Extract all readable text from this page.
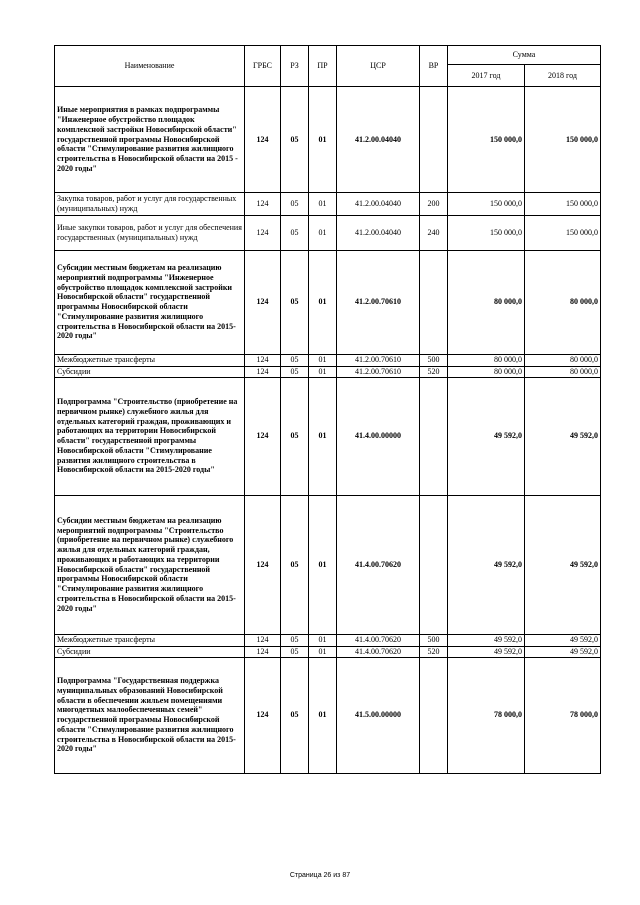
Наименование	ГРБС	РЗ	ПР	ЦСР	ВР	Сумма	
						2017 год	2018 год
Иные мероприятия в рамках подпрограммы "Инженерное обустройство площадок комплексной застройки Новосибирской области" государственной программы Новосибирской области "Стимулирование развития жилищного строительства в Новосибирской области на 2015 - 2020 годы"	124	05	01	41.2.00.04040		150 000,0	150 000,0
Закупка товаров, работ и услуг для государственных (муниципальных) нужд	124	05	01	41.2.00.04040	200	150 000,0	150 000,0
Иные закупки товаров, работ и услуг для обеспечения государственных (муниципальных) нужд	124	05	01	41.2.00.04040	240	150 000,0	150 000,0
Субсидии местным бюджетам на реализацию мероприятий подпрограммы "Инженерное обустройство площадок комплексной застройки Новосибирской области" государственной программы Новосибирской области "Стимулирование развития жилищного строительства в Новосибирской области на 2015-2020 годы"	124	05	01	41.2.00.70610		80 000,0	80 000,0
Межбюджетные трансферты	124	05	01	41.2.00.70610	500	80 000,0	80 000,0
Субсидии	124	05	01	41.2.00.70610	520	80 000,0	80 000,0
Подпрограмма "Строительство (приобретение на первичном рынке) служебного жилья для отдельных категорий граждан, проживающих и работающих на территории Новосибирской области" государственной программы Новосибирской области "Стимулирование развития жилищного строительства в Новосибирской области на 2015-2020 годы"	124	05	01	41.4.00.00000		49 592,0	49 592,0
Субсидии местным бюджетам на реализацию мероприятий подпрограммы "Строительство (приобретение на первичном рынке) служебного жилья для отдельных категорий граждан, проживающих и работающих на территории Новосибирской области" государственной программы Новосибирской области "Стимулирование развития жилищного строительства в Новосибирской области на 2015-2020 годы"	124	05	01	41.4.00.70620		49 592,0	49 592,0
Межбюджетные трансферты	124	05	01	41.4.00.70620	500	49 592,0	49 592,0
Субсидии	124	05	01	41.4.00.70620	520	49 592,0	49 592,0
Подпрограмма "Государственная поддержка муниципальных образований Новосибирской области в обеспечении жильем помещениями многодетных малообеспеченных семей" государственной программы Новосибирской области "Стимулирование развития жилищного строительства в Новосибирской области на 2015-2020 годы"	124	05	01	41.5.00.00000		78 000,0	78 000,0
Страница 26 из 87
